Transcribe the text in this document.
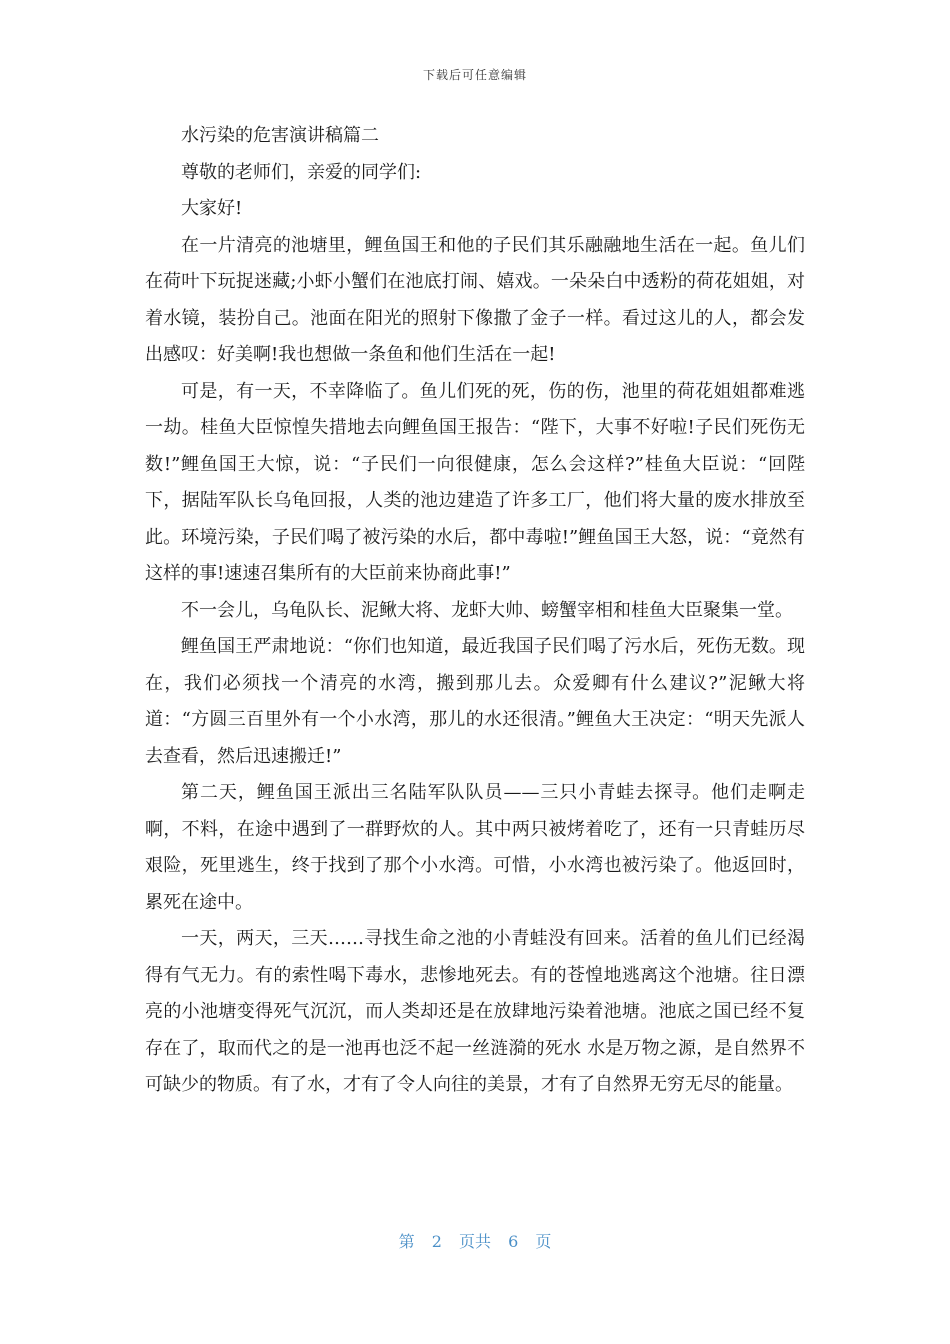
下载后可任意编辑

水污染的危害演讲稿篇二

尊敬的老师们，亲爱的同学们:

大家好!

在一片清亮的池塘里，鲤鱼国王和他的子民们其乐融融地生活在一起。鱼儿们在荷叶下玩捉迷藏;小虾小蟹们在池底打闹、嬉戏。一朵朵白中透粉的荷花姐姐，对着水镜，装扮自己。池面在阳光的照射下像撒了金子一样。看过这儿的人，都会发出感叹：好美啊!我也想做一条鱼和他们生活在一起!

可是，有一天，不幸降临了。鱼儿们死的死，伤的伤，池里的荷花姐姐都难逃一劫。桂鱼大臣惊惶失措地去向鲤鱼国王报告：“陛下，大事不好啦!子民们死伤无数!”鲤鱼国王大惊，说：“子民们一向很健康，怎么会这样?”桂鱼大臣说：“回陛下，据陆军队长乌龟回报，人类的池边建造了许多工厂，他们将大量的废水排放至此。环境污染，子民们喝了被污染的水后，都中毒啦!”鲤鱼国王大怒，说：“竟然有这样的事!速速召集所有的大臣前来协商此事!”

不一会儿，乌龟队长、泥鳅大将、龙虾大帅、螃蟹宰相和桂鱼大臣聚集一堂。

鲤鱼国王严肃地说：“你们也知道，最近我国子民们喝了污水后，死伤无数。现在，我们必须找一个清亮的水湾，搬到那儿去。众爱卿有什么建议?”泥鳅大将道：“方圆三百里外有一个小水湾，那儿的水还很清。”鲤鱼大王决定：“明天先派人去查看，然后迅速搬迁!”

第二天，鲤鱼国王派出三名陆军队队员——三只小青蛙去探寻。他们走啊走啊，不料，在途中遇到了一群野炊的人。其中两只被烤着吃了，还有一只青蛙历尽艰险，死里逃生，终于找到了那个小水湾。可惜，小水湾也被污染了。他返回时，累死在途中。

一天，两天，三天……寻找生命之池的小青蛙没有回来。活着的鱼儿们已经渴得有气无力。有的索性喝下毒水，悲惨地死去。有的苍惶地逃离这个池塘。往日漂亮的小池塘变得死气沉沉，而人类却还是在放肆地污染着池塘。池底之国已经不复存在了，取而代之的是一池再也泛不起一丝涟漪的死水 水是万物之源，是自然界不可缺少的物质。有了水，才有了令人向往的美景，才有了自然界无穷无尽的能量。

第 2 页共 6 页
